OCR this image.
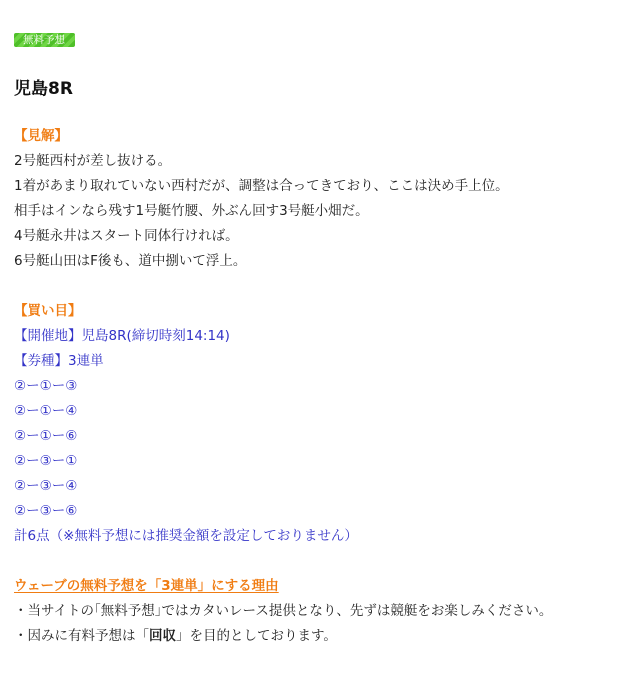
無料予想
児島8R
【見解】
2号艇西村が差し抜ける。
1着があまり取れていない西村だが、調整は合ってきており、ここは決め手上位。
相手はインなら残す1号艇竹腰、外ぶん回す3号艇小畑だ。
4号艇永井はスタート同体行ければ。
6号艇山田はF後も、道中捌いて浮上。
【買い目】
【開催地】児島8R(締切時刻14:14)
【券種】3連単
②ー①ー③
②ー①ー④
②ー①ー⑥
②ー③ー①
②ー③ー④
②ー③ー⑥
計6点（※無料予想には推奨金額を設定しておりません）
ウェーブの無料予想を「3連単」にする理由
・当サイトの｢無料予想｣ではカタいレース提供となり、先ずは競艇をお楽しみください。
・因みに有料予想は「回収」を目的としております。
